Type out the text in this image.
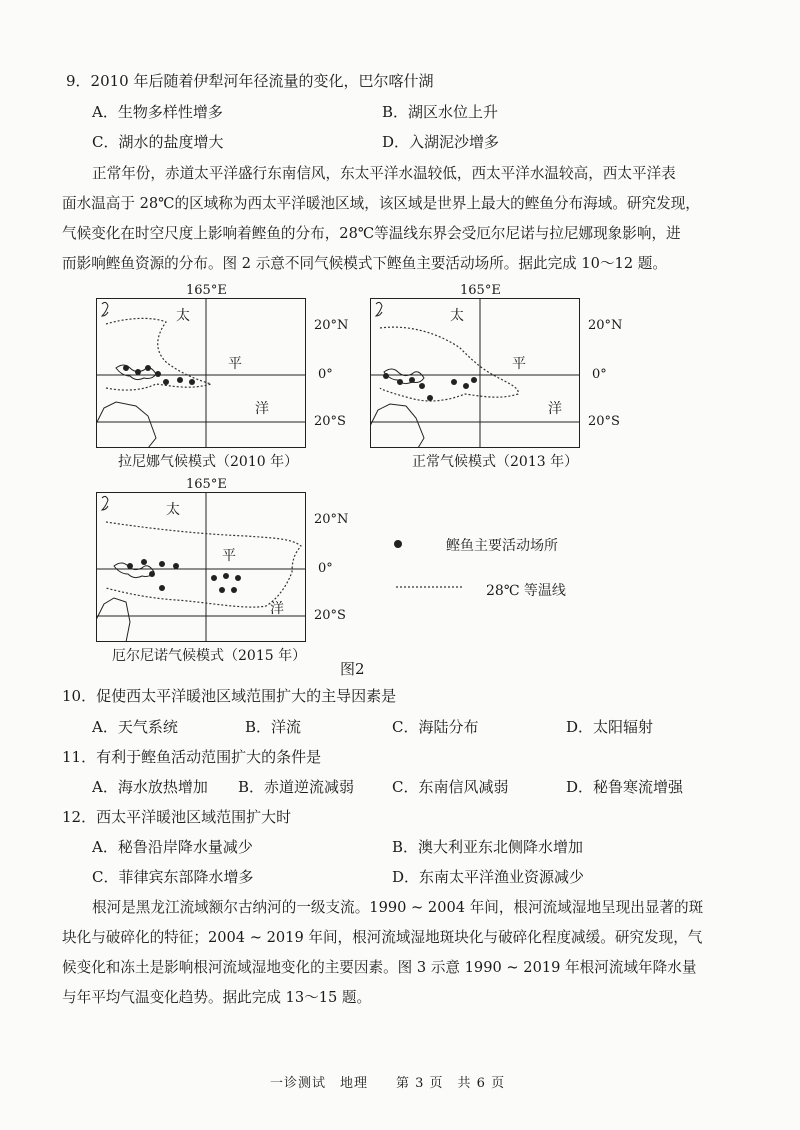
9．2010 年后随着伊犁河年径流量的变化，巴尔喀什湖
A．生物多样性增多	B．湖区水位上升
C．湖水的盐度增大	D．入湖泥沙增多
正常年份，赤道太平洋盛行东南信风，东太平洋水温较低，西太平洋水温较高，西太平洋表
面水温高于 28℃的区域称为西太平洋暖池区域，该区域是世界上最大的鲣鱼分布海域。研究发现，
气候变化在时空尺度上影响着鲣鱼的分布，28℃等温线东界会受厄尔尼诺与拉尼娜现象影响，进
而影响鲣鱼资源的分布。图 2 示意不同气候模式下鲣鱼主要活动场所。据此完成 10～12 题。
165°E
太
平
洋
20°N
0°
20°S
拉尼娜气候模式（2010 年）
165°E
太
平
洋
20°N
0°
20°S
正常气候模式（2013 年）
165°E
太
平
洋
20°N
0°
20°S
厄尔尼诺气候模式（2015 年）
鲣鱼主要活动场所
28℃ 等温线
图2
10．促使西太平洋暖池区域范围扩大的主导因素是
A．天气系统	B．洋流	C．海陆分布	D．太阳辐射
11．有利于鲣鱼活动范围扩大的条件是
A．海水放热增加 B．赤道逆流减弱	C．东南信风减弱	D．秘鲁寒流增强
12．西太平洋暖池区域范围扩大时
A．秘鲁沿岸降水量减少	B．澳大利亚东北侧降水增加
C．菲律宾东部降水增多	D．东南太平洋渔业资源减少
根河是黑龙江流域额尔古纳河的一级支流。1990 ~ 2004 年间，根河流域湿地呈现出显著的斑
块化与破碎化的特征；2004 ~ 2019 年间，根河流域湿地斑块化与破碎化程度减缓。研究发现，气
候变化和冻土是影响根河流域湿地变化的主要因素。图 3 示意 1990 ~ 2019 年根河流域年降水量
与年平均气温变化趋势。据此完成 13～15 题。
一诊测试　地理　　第 3 页　共 6 页
